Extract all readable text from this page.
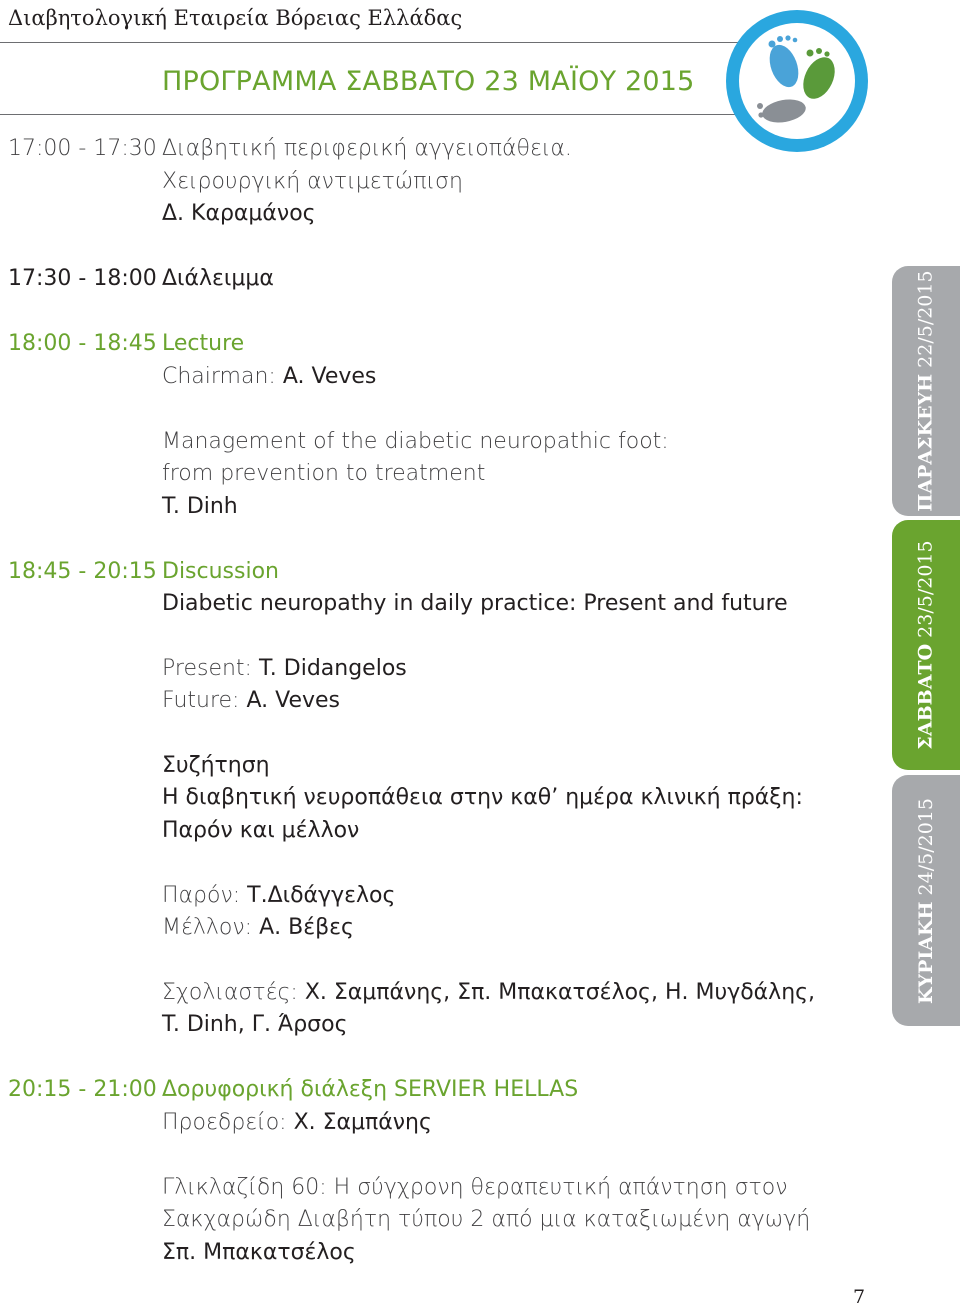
Διαβητολογική Εταιρεία Βόρειας Ελλάδας
ΠΡΟΓΡΑΜΜΑ ΣΑΒΒΑΤΟ 23 ΜΑΪΟΥ 2015
17:00 - 17:30 Διαβητική περιφερική αγγειοπάθεια.
Χειρουργική αντιμετώπιση
Δ. Καραμάνος
17:30 - 18:00 Διάλειμμα
18:00 - 18:45 Lecture
Chairman: A. Veves
Management of the diabetic neuropathic foot:
from prevention to treatment
T. Dinh
18:45 - 20:15 Discussion
Diabetic neuropathy in daily practice: Present and future
Present: T. Didangelos
Future: A. Veves
Συζήτηση
Η διαβητική νευροπάθεια στην καθ’ ημέρα κλινική πράξη:
Παρόν και μέλλον
Παρόν: Τ.Διδάγγελος
Μέλλον: Α. Βέβες
Σχολιαστές: Χ. Σαμπάνης, Σπ. Μπακατσέλος, Η. Μυγδάλης,
T. Dinh, Γ. Άρσος
20:15 - 21:00 Δορυφορική διάλεξη SERVIER HELLAS
Προεδρείο: Χ. Σαμπάνης
Γλικλαζίδη 60: Η σύγχρονη θεραπευτική απάντηση στον
Σακχαρώδη Διαβήτη τύπου 2 από μια καταξιωμένη αγωγή
Σπ. Μπακατσέλος
ΠΑΡΑΣΚΕΥΗ 22/5/2015
ΣΑΒΒΑΤΟ 23/5/2015
ΚΥΡΙΑΚΗ 24/5/2015
7
